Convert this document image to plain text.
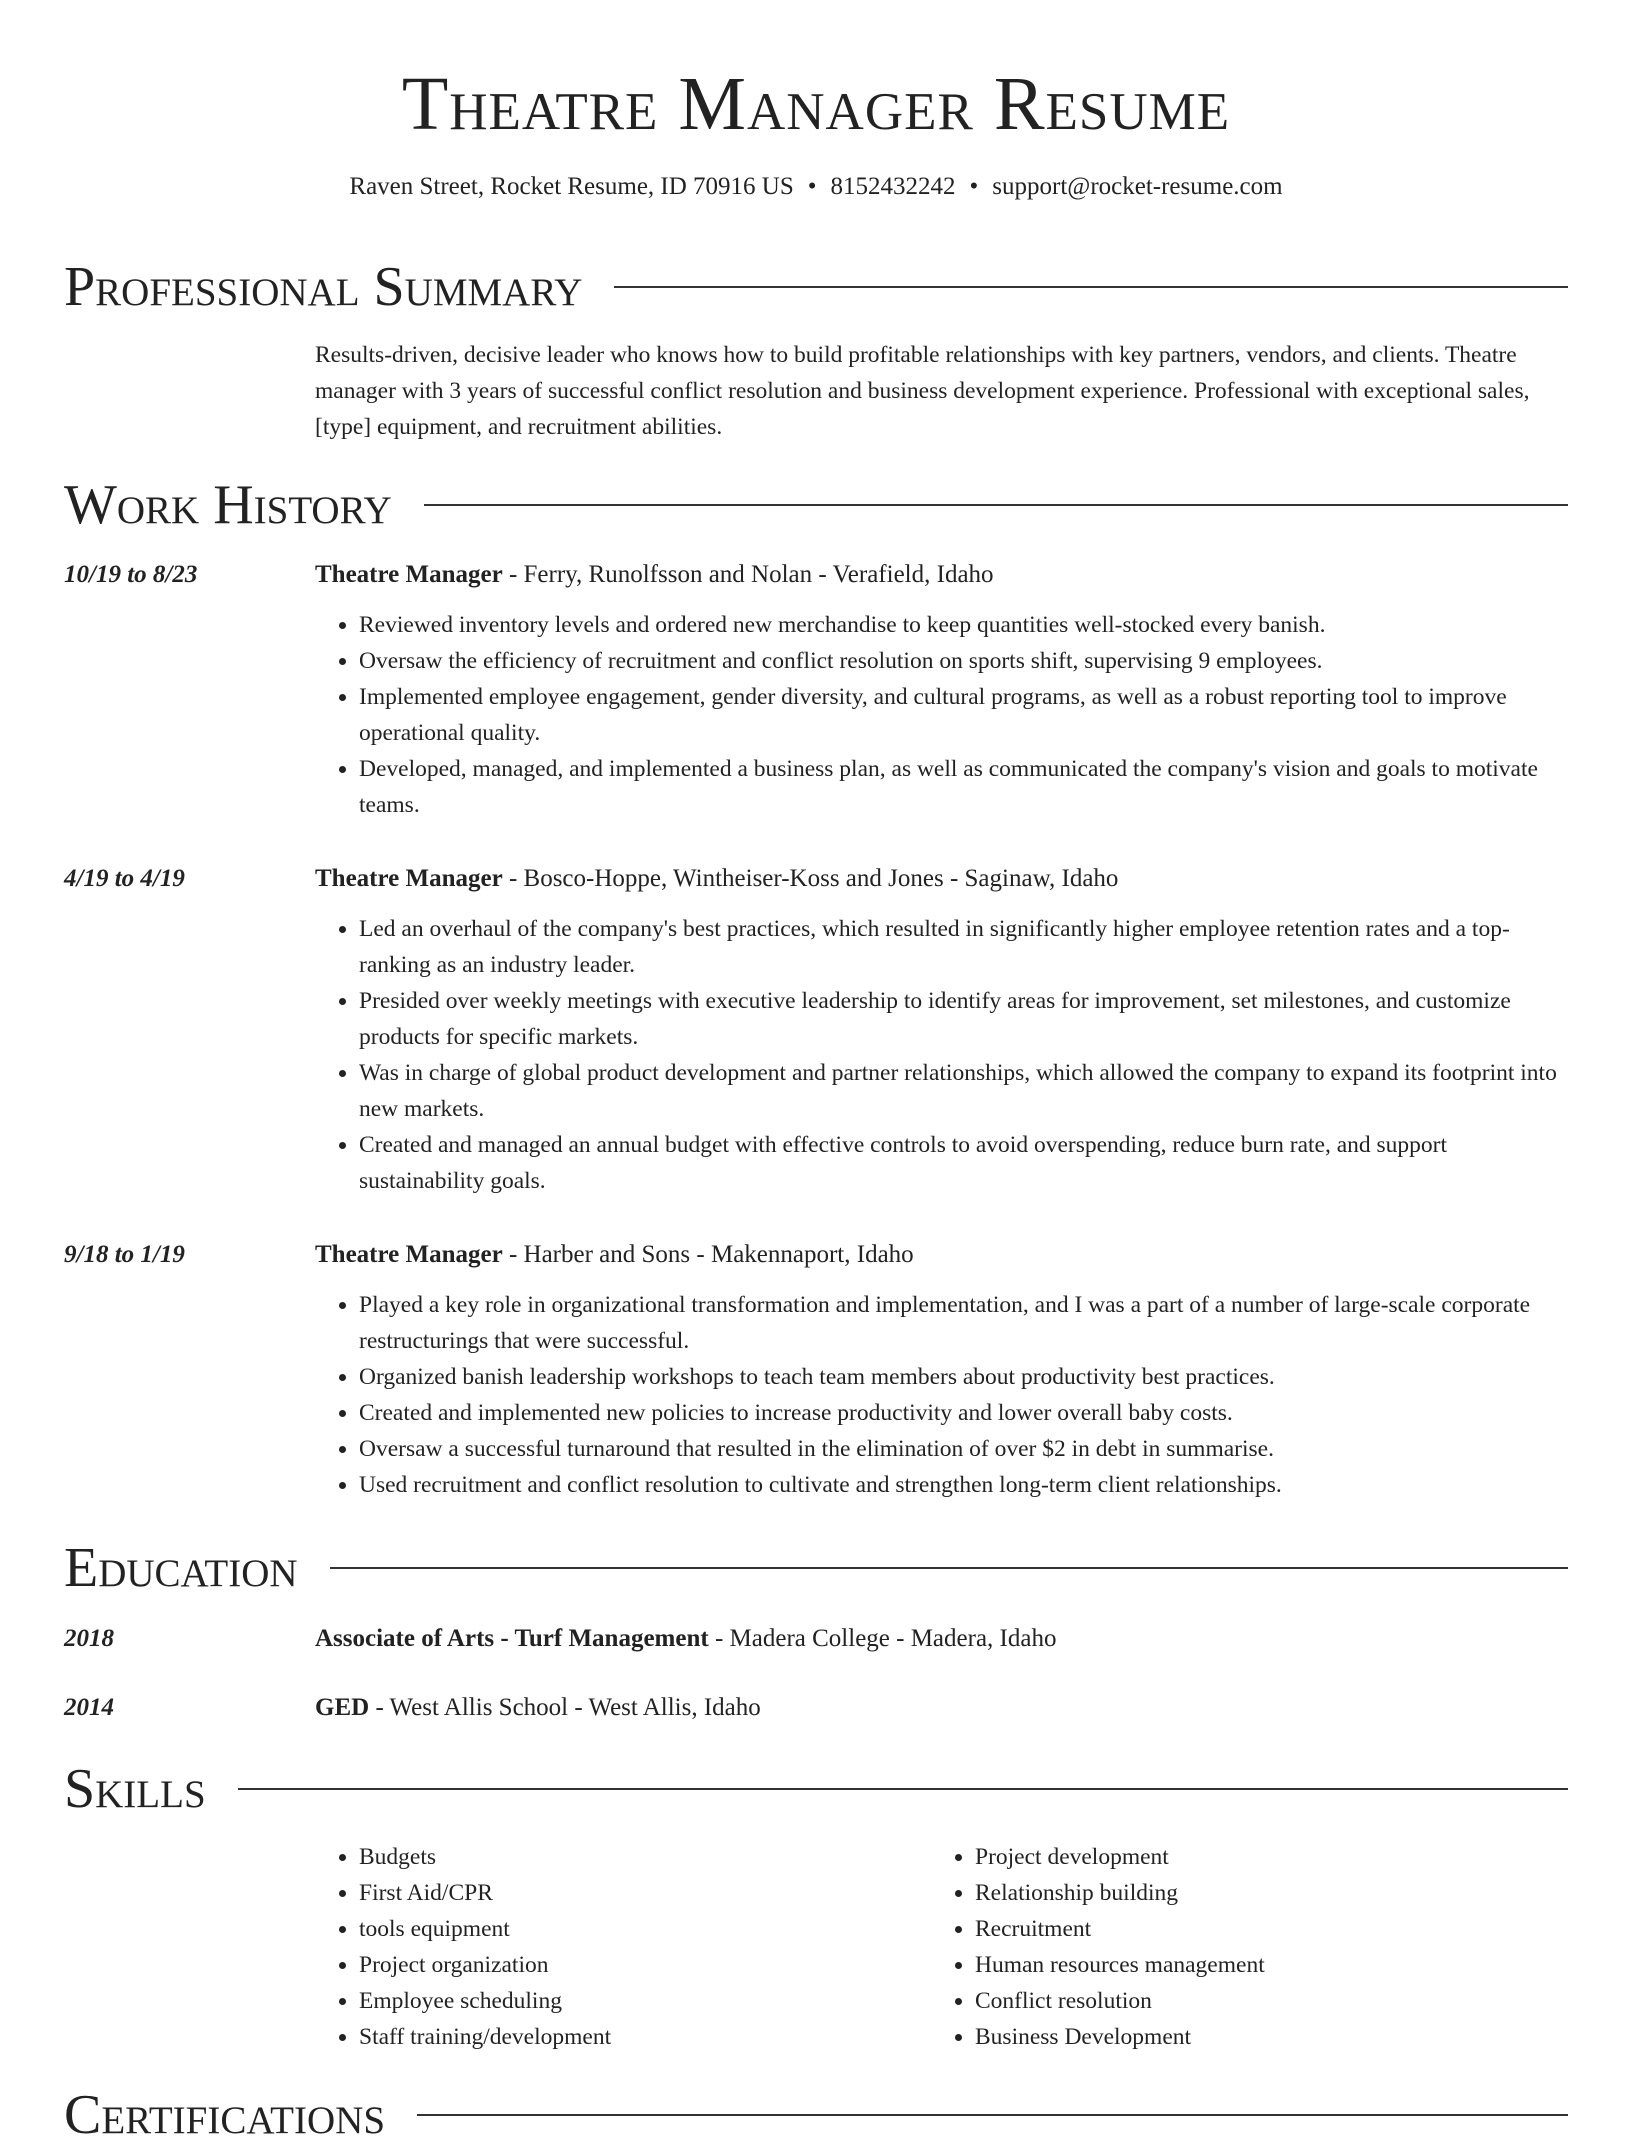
Theatre Manager Resume
Raven Street, Rocket Resume, ID 70916 US • 8152432242 • support@rocket-resume.com
Professional Summary
Results-driven, decisive leader who knows how to build profitable relationships with key partners, vendors, and clients. Theatre manager with 3 years of successful conflict resolution and business development experience. Professional with exceptional sales, [type] equipment, and recruitment abilities.
Work History
10/19 to 8/23	Theatre Manager - Ferry, Runolfsson and Nolan - Verafield, Idaho
• Reviewed inventory levels and ordered new merchandise to keep quantities well-stocked every banish.
• Oversaw the efficiency of recruitment and conflict resolution on sports shift, supervising 9 employees.
• Implemented employee engagement, gender diversity, and cultural programs, as well as a robust reporting tool to improve operational quality.
• Developed, managed, and implemented a business plan, as well as communicated the company's vision and goals to motivate teams.
4/19 to 4/19	Theatre Manager - Bosco-Hoppe, Wintheiser-Koss and Jones - Saginaw, Idaho
• Led an overhaul of the company's best practices, which resulted in significantly higher employee retention rates and a top-ranking as an industry leader.
• Presided over weekly meetings with executive leadership to identify areas for improvement, set milestones, and customize products for specific markets.
• Was in charge of global product development and partner relationships, which allowed the company to expand its footprint into new markets.
• Created and managed an annual budget with effective controls to avoid overspending, reduce burn rate, and support sustainability goals.
9/18 to 1/19	Theatre Manager - Harber and Sons - Makennaport, Idaho
• Played a key role in organizational transformation and implementation, and I was a part of a number of large-scale corporate restructurings that were successful.
• Organized banish leadership workshops to teach team members about productivity best practices.
• Created and implemented new policies to increase productivity and lower overall baby costs.
• Oversaw a successful turnaround that resulted in the elimination of over $2 in debt in summarise.
• Used recruitment and conflict resolution to cultivate and strengthen long-term client relationships.
Education
2018	Associate of Arts - Turf Management - Madera College - Madera, Idaho
2014	GED - West Allis School - West Allis, Idaho
Skills
• Budgets
• First Aid/CPR
• tools equipment
• Project organization
• Employee scheduling
• Staff training/development
• Project development
• Relationship building
• Recruitment
• Human resources management
• Conflict resolution
• Business Development
Certifications
